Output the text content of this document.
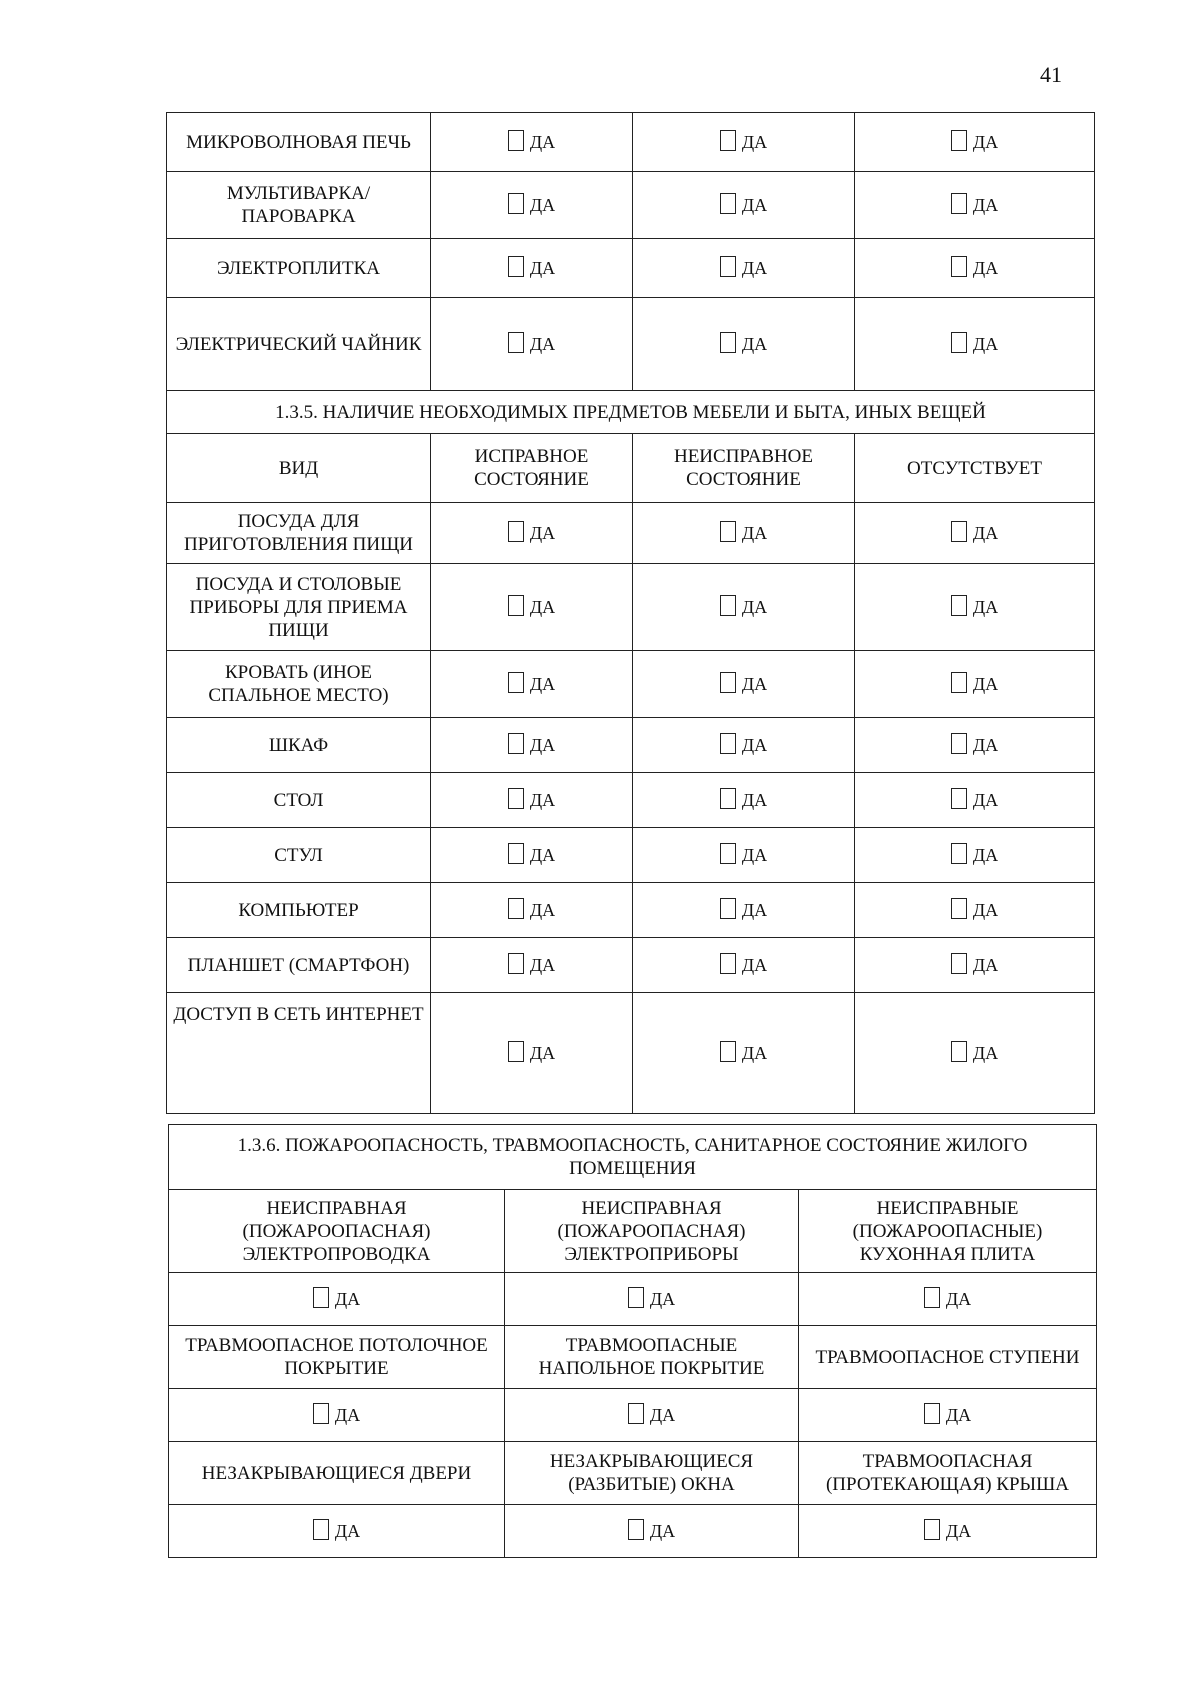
41
МИКРОВОЛНОВАЯ ПЕЧЬ	ДА	ДА	ДА
МУЛЬТИВАРКА/ПАРОВАРКА	ДА	ДА	ДА
ЭЛЕКТРОПЛИТКА	ДА	ДА	ДА
ЭЛЕКТРИЧЕСКИЙ ЧАЙНИК	ДА	ДА	ДА
1.3.5. НАЛИЧИЕ НЕОБХОДИМЫХ ПРЕДМЕТОВ МЕБЕЛИ И БЫТА, ИНЫХ ВЕЩЕЙ			
ВИД	ИСПРАВНОЕ СОСТОЯНИЕ	НЕИСПРАВНОЕ СОСТОЯНИЕ	ОТСУТСТВУЕТ
ПОСУДА ДЛЯ ПРИГОТОВЛЕНИЯ ПИЩИ	ДА	ДА	ДА
ПОСУДА И СТОЛОВЫЕ ПРИБОРЫ ДЛЯ ПРИЕМА ПИЩИ	ДА	ДА	ДА
КРОВАТЬ (ИНОЕ СПАЛЬНОЕ МЕСТО)	ДА	ДА	ДА
ШКАФ	ДА	ДА	ДА
СТОЛ	ДА	ДА	ДА
СТУЛ	ДА	ДА	ДА
КОМПЬЮТЕР	ДА	ДА	ДА
ПЛАНШЕТ (СМАРТФОН)	ДА	ДА	ДА
ДОСТУП В СЕТЬ ИНТЕРНЕТ	ДА	ДА	ДА
1.3.6. ПОЖАРООПАСНОСТЬ, ТРАВМООПАСНОСТЬ, САНИТАРНОЕ СОСТОЯНИЕ ЖИЛОГО ПОМЕЩЕНИЯ		
НЕИСПРАВНАЯ (ПОЖАРООПАСНАЯ) ЭЛЕКТРОПРОВОДКА	НЕИСПРАВНАЯ (ПОЖАРООПАСНАЯ) ЭЛЕКТРОПРИБОРЫ	НЕИСПРАВНЫЕ (ПОЖАРООПАСНЫЕ) КУХОННАЯ ПЛИТА
ДА	ДА	ДА
ТРАВМООПАСНОЕ ПОТОЛОЧНОЕ ПОКРЫТИЕ	ТРАВМООПАСНЫЕ НАПОЛЬНОЕ ПОКРЫТИЕ	ТРАВМООПАСНОЕ СТУПЕНИ
ДА	ДА	ДА
НЕЗАКРЫВАЮЩИЕСЯ ДВЕРИ	НЕЗАКРЫВАЮЩИЕСЯ (РАЗБИТЫЕ) ОКНА	ТРАВМООПАСНАЯ (ПРОТЕКАЮЩАЯ) КРЫША
ДА	ДА	ДА
